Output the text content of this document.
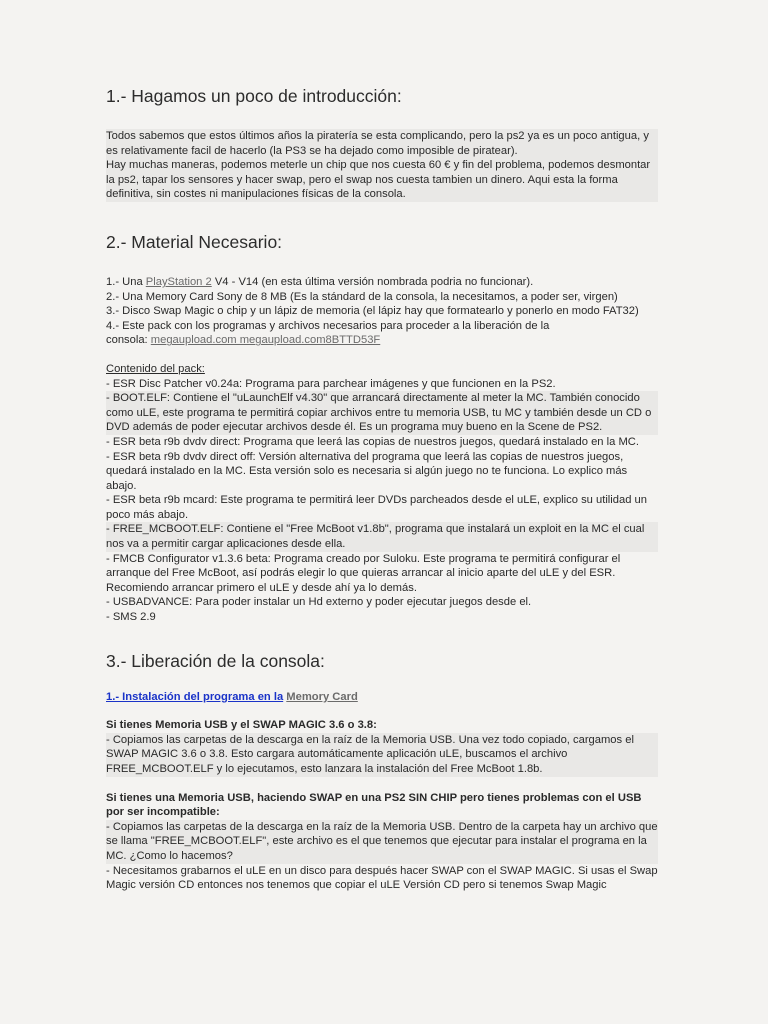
1.- Hagamos un poco de introducción:

Todos sabemos que estos últimos años la piratería se esta complicando, pero la ps2 ya es un poco antigua, y es relativamente facil de hacerlo (la PS3 se ha dejado como imposible de piratear).

Hay muchas maneras, podemos meterle un chip que nos cuesta 60 € y fin del problema, podemos desmontar la ps2, tapar los sensores y hacer swap, pero el swap nos cuesta tambien un dinero. Aqui esta la forma definitiva, sin costes ni manipulaciones físicas de la consola.

2.- Material Necesario:

1.- Una PlayStation 2 V4 - V14 (en esta última versión nombrada podria no funcionar).

2.- Una Memory Card Sony de 8 MB (Es la stándard de la consola, la necesitamos, a poder ser, virgen)

3.- Disco Swap Magic o chip y un lápiz de memoria (el lápiz hay que formatearlo y ponerlo en modo FAT32)

4.- Este pack con los programas y archivos necesarios para proceder a la liberación de la

consola: megaupload.com megaupload.com8BTTD53F

Contenido del pack:

- ESR Disc Patcher v0.24a: Programa para parchear imágenes y que funcionen en la PS2.

- BOOT.ELF: Contiene el "uLaunchElf v4.30" que arrancará directamente al meter la MC. También conocido como uLE, este programa te permitirá copiar archivos entre tu memoria USB, tu MC y también desde un CD o DVD además de poder ejecutar archivos desde él. Es un programa muy bueno en la Scene de PS2.

- ESR beta r9b dvdv direct: Programa que leerá las copias de nuestros juegos, quedará instalado en la MC.

- ESR beta r9b dvdv direct off: Versión alternativa del programa que leerá las copias de nuestros juegos, quedará instalado en la MC. Esta versión solo es necesaria si algún juego no te funciona. Lo explico más abajo.

- ESR beta r9b mcard: Este programa te permitirá leer DVDs parcheados desde el uLE, explico su utilidad un poco más abajo.

- FREE_MCBOOT.ELF: Contiene el "Free McBoot v1.8b", programa que instalará un exploit en la MC el cual nos va a permitir cargar aplicaciones desde ella.

- FMCB Configurator v1.3.6 beta: Programa creado por Suloku. Este programa te permitirá configurar el arranque del Free McBoot, así podrás elegir lo que quieras arrancar al inicio aparte del uLE y del ESR. Recomiendo arrancar primero el uLE y desde ahí ya lo demás.

- USBADVANCE: Para poder instalar un Hd externo y poder ejecutar juegos desde el.

- SMS 2.9

3.- Liberación de la consola:

1.- Instalación del programa en la Memory Card

Si tienes Memoria USB y el SWAP MAGIC 3.6 o 3.8:

- Copiamos las carpetas de la descarga en la raíz de la Memoria USB. Una vez todo copiado, cargamos el SWAP MAGIC 3.6 o 3.8. Esto cargara automáticamente aplicación uLE, buscamos el archivo FREE_MCBOOT.ELF y lo ejecutamos, esto lanzara la instalación del Free McBoot 1.8b.

Si tienes una Memoria USB, haciendo SWAP en una PS2 SIN CHIP pero tienes problemas con el USB por ser incompatible:

- Copiamos las carpetas de la descarga en la raíz de la Memoria USB. Dentro de la carpeta hay un archivo que se llama "FREE_MCBOOT.ELF", este archivo es el que tenemos que ejecutar para instalar el programa en la MC. ¿Como lo hacemos?

- Necesitamos grabarnos el uLE en un disco para después hacer SWAP con el SWAP MAGIC. Si usas el Swap Magic versión CD entonces nos tenemos que copiar el uLE Versión CD pero si tenemos Swap Magic
